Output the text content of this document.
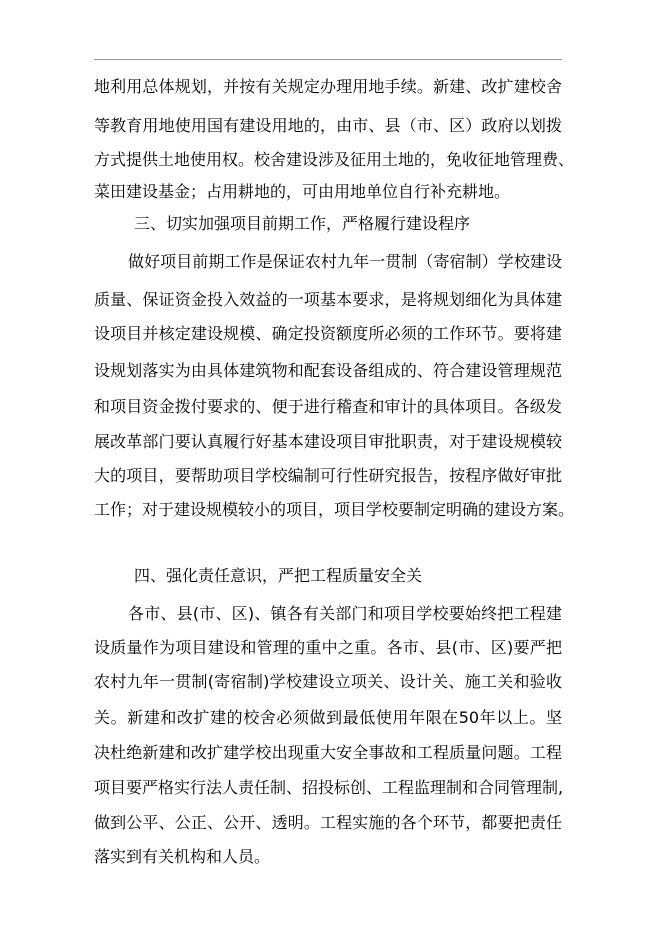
地利用总体规划，并按有关规定办理用地手续。新建、改扩建校舍
等教育用地使用国有建设用地的，由市、县（市、区）政府以划拨
方式提供土地使用权。校舍建设涉及征用土地的，免收征地管理费、
菜田建设基金；占用耕地的，可由用地单位自行补充耕地。
三、切实加强项目前期工作，严格履行建设程序
做好项目前期工作是保证农村九年一贯制（寄宿制）学校建设
质量、保证资金投入效益的一项基本要求，是将规划细化为具体建
设项目并核定建设规模、确定投资额度所必须的工作环节。要将建
设规划落实为由具体建筑物和配套设备组成的、符合建设管理规范
和项目资金拨付要求的、便于进行稽查和审计的具体项目。各级发
展改革部门要认真履行好基本建设项目审批职责，对于建设规模较
大的项目，要帮助项目学校编制可行性研究报告，按程序做好审批
工作；对于建设规模较小的项目，项目学校要制定明确的建设方案。
四、强化责任意识，严把工程质量安全关
各市、县(市、区)、镇各有关部门和项目学校要始终把工程建
设质量作为项目建设和管理的重中之重。各市、县(市、区)要严把
农村九年一贯制(寄宿制)学校建设立项关、设计关、施工关和验收
关。新建和改扩建的校舍必须做到最低使用年限在50年以上。坚
决杜绝新建和改扩建学校出现重大安全事故和工程质量问题。工程
项目要严格实行法人责任制、招投标创、工程监理制和合同管理制,
做到公平、公正、公开、透明。工程实施的各个环节，都要把责任
落实到有关机构和人员。
